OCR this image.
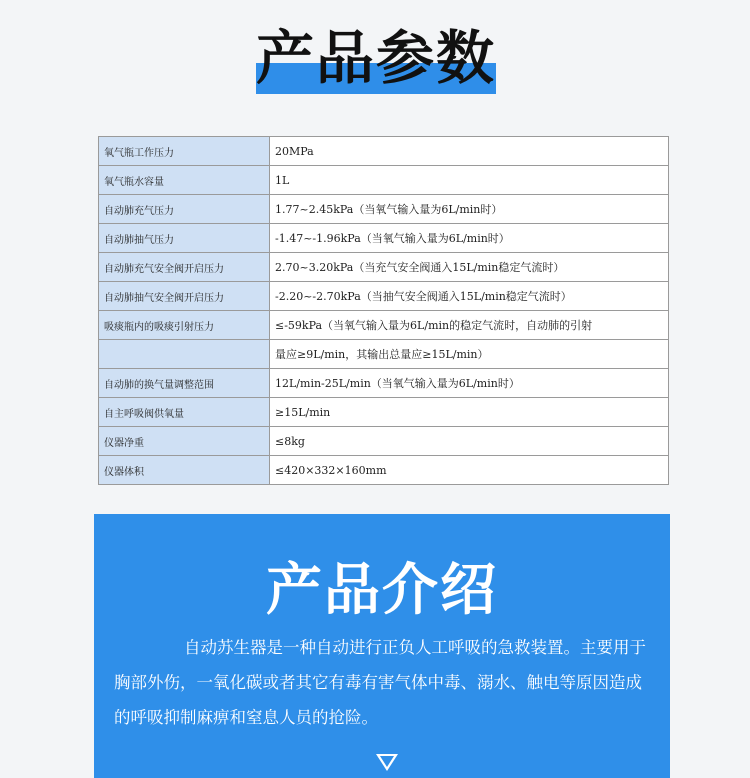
产品参数
氧气瓶工作压力	20MPa
氧气瓶水容量	1L
自动肺充气压力	1.77~2.45kPa（当氧气输入量为6L/min时）
自动肺抽气压力	-1.47~-1.96kPa（当氧气输入量为6L/min时）
自动肺充气安全阀开启压力	2.70~3.20kPa（当充气安全阀通入15L/min稳定气流时）
自动肺抽气安全阀开启压力	-2.20~-2.70kPa（当抽气安全阀通入15L/min稳定气流时）
吸痰瓶内的吸痰引射压力	≤-59kPa（当氧气输入量为6L/min的稳定气流时，自动肺的引射
	量应≥9L/min，其输出总量应≥15L/min）
自动肺的换气量调整范围	12L/min-25L/min（当氧气输入量为6L/min时）
自主呼吸阀供氧量	≥15L/min
仪器净重	≤8kg
仪器体积	≤420×332×160mm
产品介绍
自动苏生器是一种自动进行正负人工呼吸的急救装置。主要用于胸部外伤，一氧化碳或者其它有毒有害气体中毒、溺水、触电等原因造成的呼吸抑制麻痹和窒息人员的抢险。
